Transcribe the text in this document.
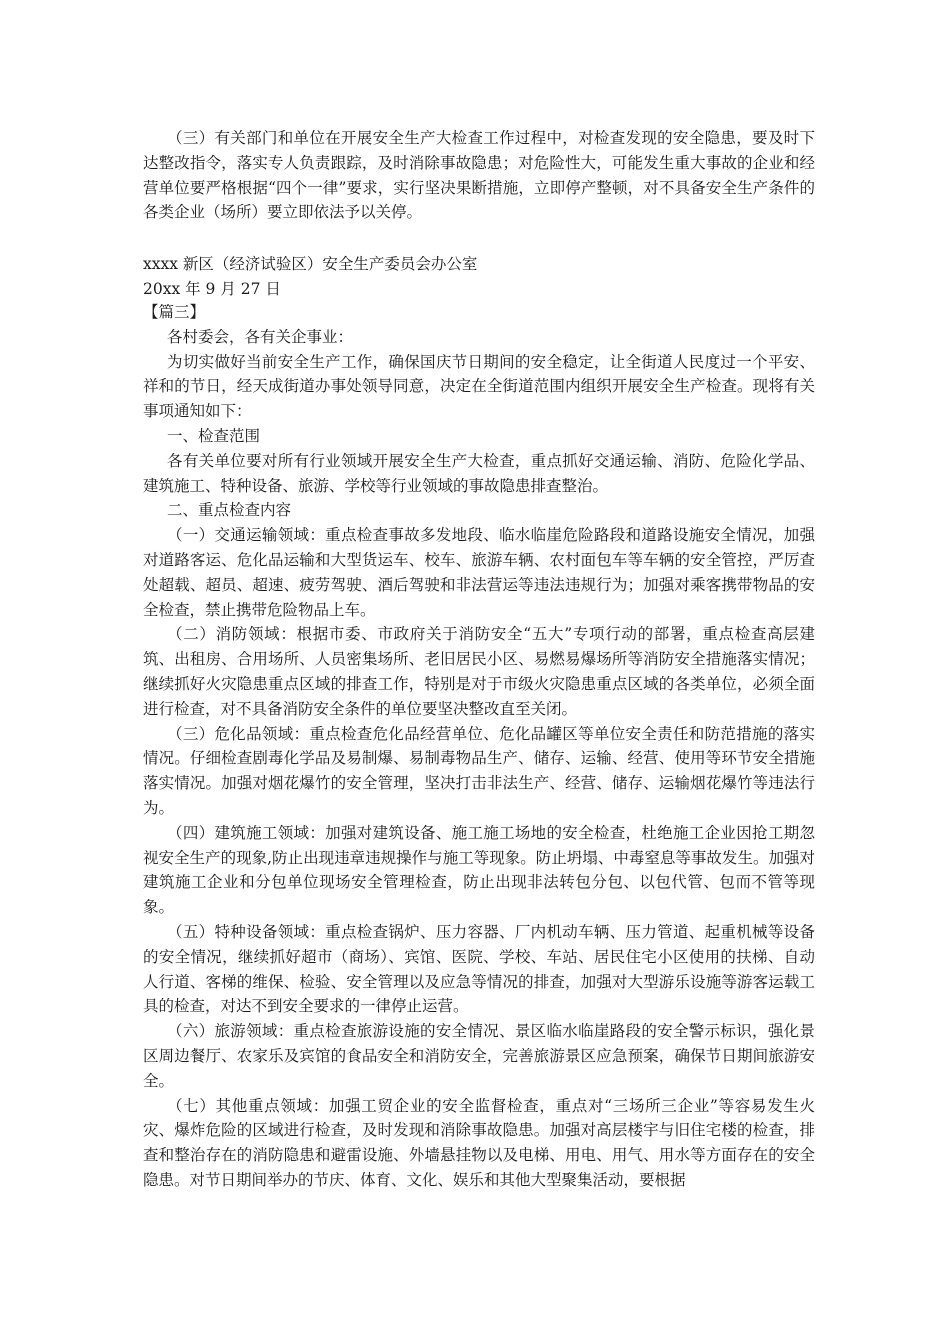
（三）有关部门和单位在开展安全生产大检查工作过程中，对检查发现的安全隐患，要及时下达整改指令，落实专人负责跟踪，及时消除事故隐患；对危险性大，可能发生重大事故的企业和经营单位要严格根据“四个一律”要求，实行坚决果断措施，立即停产整顿，对不具备安全生产条件的各类企业（场所）要立即依法予以关停。

xxxx 新区（经济试验区）安全生产委员会办公室

20xx 年 9 月 27 日

【篇三】

各村委会，各有关企事业：

为切实做好当前安全生产工作，确保国庆节日期间的安全稳定，让全街道人民度过一个平安、祥和的节日，经天成街道办事处领导同意，决定在全街道范围内组织开展安全生产检查。现将有关事项通知如下：

一、检查范围

各有关单位要对所有行业领域开展安全生产大检查，重点抓好交通运输、消防、危险化学品、建筑施工、特种设备、旅游、学校等行业领域的事故隐患排查整治。

二、重点检查内容

（一）交通运输领域：重点检查事故多发地段、临水临崖危险路段和道路设施安全情况，加强对道路客运、危化品运输和大型货运车、校车、旅游车辆、农村面包车等车辆的安全管控，严厉查处超载、超员、超速、疲劳驾驶、酒后驾驶和非法营运等违法违规行为；加强对乘客携带物品的安全检查，禁止携带危险物品上车。

（二）消防领域：根据市委、市政府关于消防安全“五大”专项行动的部署，重点检查高层建筑、出租房、合用场所、人员密集场所、老旧居民小区、易燃易爆场所等消防安全措施落实情况；继续抓好火灾隐患重点区域的排查工作，特别是对于市级火灾隐患重点区域的各类单位，必须全面进行检查，对不具备消防安全条件的单位要坚决整改直至关闭。

（三）危化品领域：重点检查危化品经营单位、危化品罐区等单位安全责任和防范措施的落实情况。仔细检查剧毒化学品及易制爆、易制毒物品生产、储存、运输、经营、使用等环节安全措施落实情况。加强对烟花爆竹的安全管理，坚决打击非法生产、经营、储存、运输烟花爆竹等违法行为。

（四）建筑施工领域：加强对建筑设备、施工施工场地的安全检查，杜绝施工企业因抢工期忽视安全生产的现象,防止出现违章违规操作与施工等现象。防止坍塌、中毒窒息等事故发生。加强对建筑施工企业和分包单位现场安全管理检查，防止出现非法转包分包、以包代管、包而不管等现象。

（五）特种设备领域：重点检查锅炉、压力容器、厂内机动车辆、压力管道、起重机械等设备的安全情况，继续抓好超市（商场）、宾馆、医院、学校、车站、居民住宅小区使用的扶梯、自动人行道、客梯的维保、检验、安全管理以及应急等情况的排查，加强对大型游乐设施等游客运载工具的检查，对达不到安全要求的一律停止运营。

（六）旅游领域：重点检查旅游设施的安全情况、景区临水临崖路段的安全警示标识，强化景区周边餐厅、农家乐及宾馆的食品安全和消防安全，完善旅游景区应急预案，确保节日期间旅游安全。

（七）其他重点领域：加强工贸企业的安全监督检查，重点对“三场所三企业”等容易发生火灾、爆炸危险的区域进行检查，及时发现和消除事故隐患。加强对高层楼宇与旧住宅楼的检查，排查和整治存在的消防隐患和避雷设施、外墙悬挂物以及电梯、用电、用气、用水等方面存在的安全隐患。对节日期间举办的节庆、体育、文化、娱乐和其他大型聚集活动，要根据
